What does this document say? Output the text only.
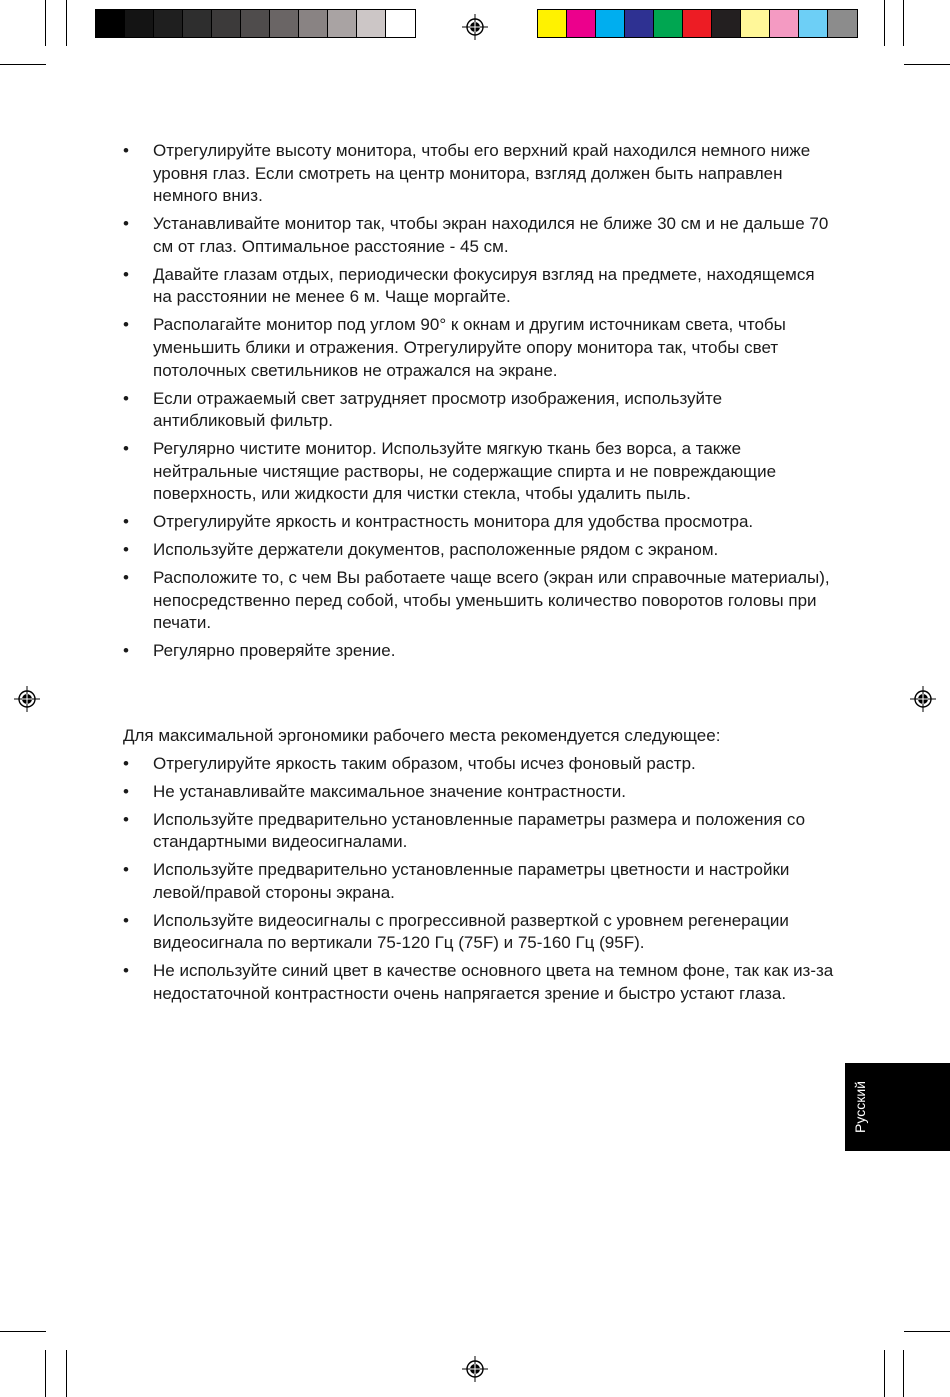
• Отрегулируйте высоту монитора, чтобы его верхний край находился немного ниже уровня глаз. Если смотреть на центр монитора, взгляд должен быть направлен немного вниз.
• Устанавливайте монитор так, чтобы экран находился не ближе 30 см и не дальше 70 см от глаз. Оптимальное расстояние - 45 см.
• Давайте глазам отдых, периодически фокусируя взгляд на предмете, находящемся на расстоянии не менее 6 м. Чаще моргайте.
• Располагайте монитор под углом 90° к окнам и другим источникам света, чтобы уменьшить блики и отражения. Отрегулируйте опору монитора так, чтобы свет потолочных светильников не отражался на экране.
• Если отражаемый свет затрудняет просмотр изображения, используйте антибликовый фильтр.
• Регулярно чистите монитор. Используйте мягкую ткань без ворса, а также нейтральные чистящие растворы, не содержащие спирта и не повреждающие поверхность, или жидкости для чистки стекла, чтобы удалить пыль.
• Отрегулируйте яркость и контрастность монитора для удобства просмотра.
• Используйте держатели документов, расположенные рядом с экраном.
• Расположите то, с чем Вы работаете чаще всего (экран или справочные материалы), непосредственно перед собой, чтобы уменьшить количество поворотов головы при печати.
• Регулярно проверяйте зрение.

Для максимальной эргономики рабочего места рекомендуется следующее:

• Отрегулируйте яркость таким образом, чтобы исчез фоновый растр.
• Не устанавливайте максимальное значение контрастности.
• Используйте предварительно установленные параметры размера и положения со стандартными видеосигналами.
• Используйте предварительно установленные параметры цветности и настройки левой/правой стороны экрана.
• Используйте видеосигналы с прогрессивной разверткой с уровнем регенерации видеосигнала по вертикали 75-120 Гц (75F) и 75-160 Гц (95F).
• Не используйте синий цвет в качестве основного цвета на темном фоне, так как из-за недостаточной контрастности очень напрягается зрение и быстро устают глаза.
Русский
